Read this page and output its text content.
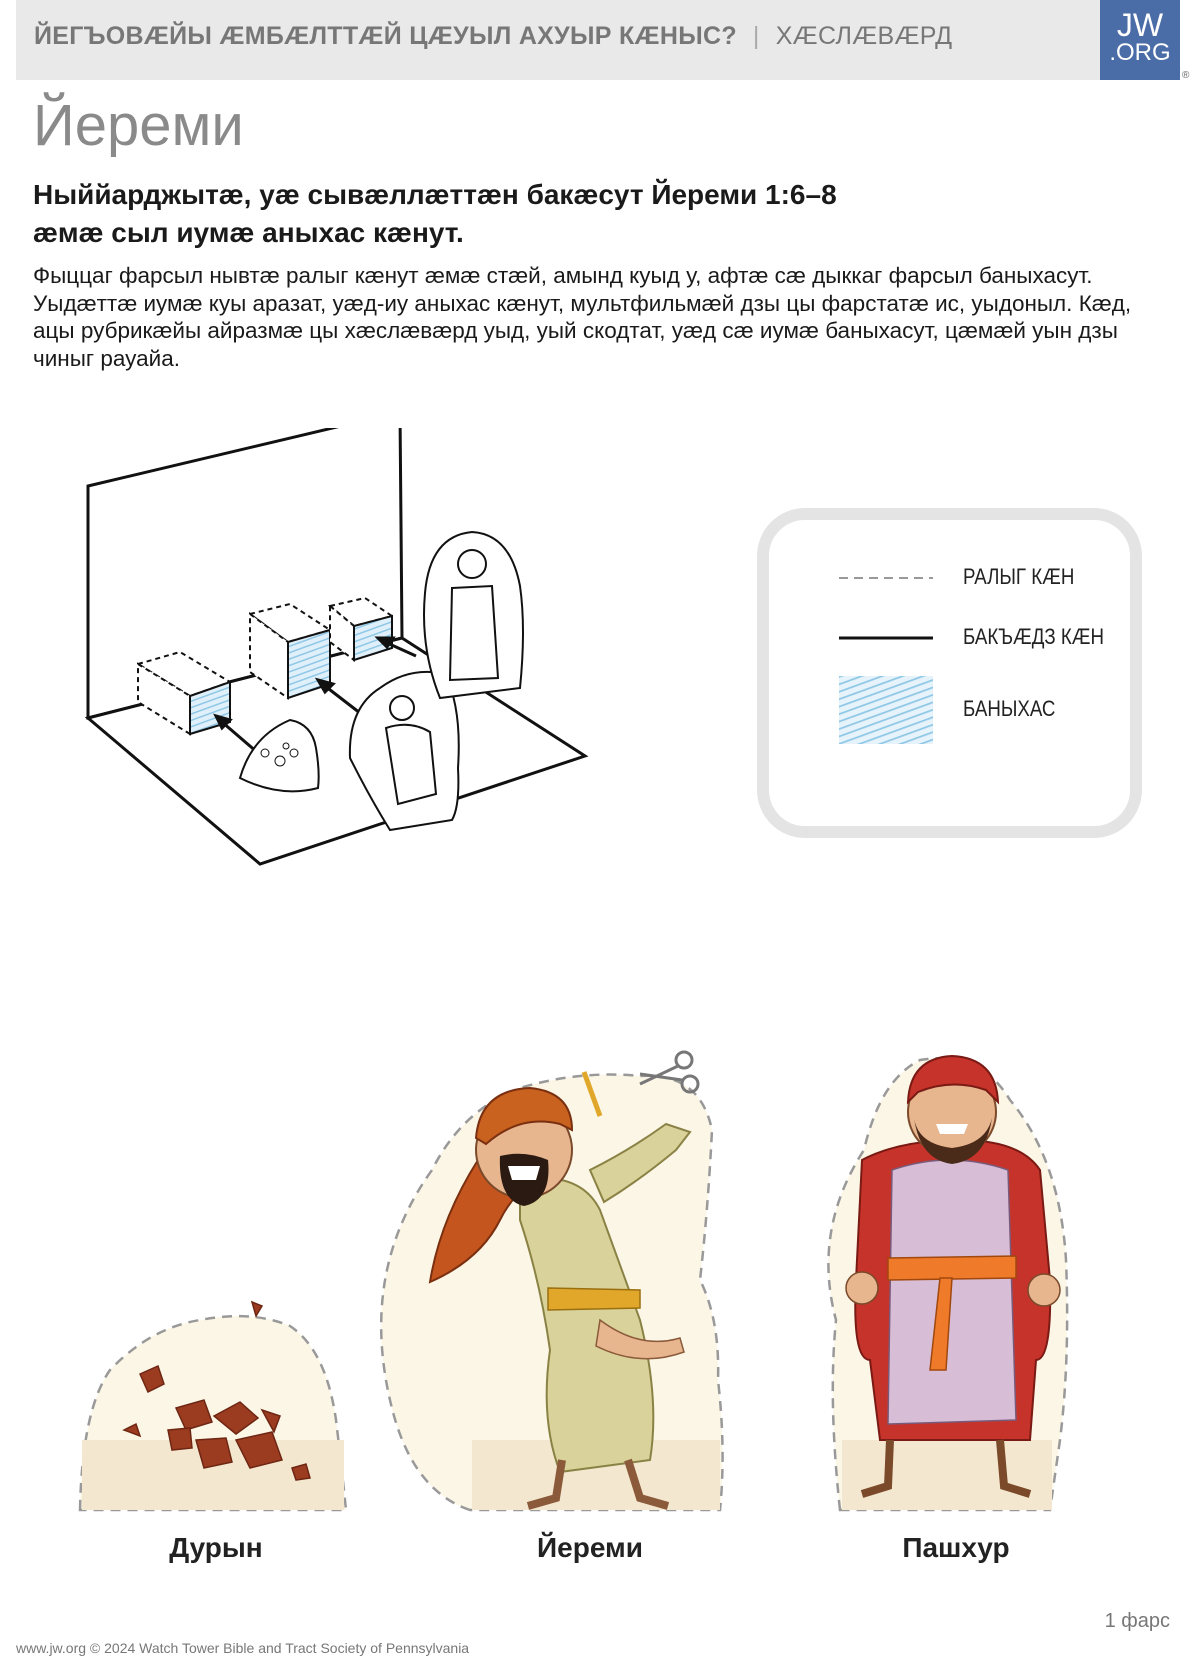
ЙЕГЪОВÆЙЫ ÆМБÆЛТТÆЙ ЦÆУЫЛ АХУЫР КÆНЫС? | ХÆСЛÆВÆРД	JW
.ORG
®
Йереми

Ныййарджытæ, уæ сывæллæттæн бакæсут Йереми 1:6–8
æмæ сыл иумæ аныхас кæнут.

Фыццаг фарсыл нывтæ ралыг кæнут æмæ стæй, амынд куыд у, афтæ сæ дыккаг фарсыл баныхасут. Уыдæттæ иумæ куы аразат, уæд-иу аныхас кæнут, мультфильмæй дзы цы фарстатæ ис, уыдоныл. Кæд, ацы рубрикæйы айразмæ цы хæслæвæрд уыд, уый скодтат, уæд сæ иумæ баныхасут, цæмæй уын дзы чиныг рауайа.

РАЛЫГ КÆН
БАКЪÆДЗ КÆН
БАНЫХАС
Дурын	Йереми	Пашхур
www.jw.org © 2024 Watch Tower Bible and Tract Society of Pennsylvania
1 фарс
